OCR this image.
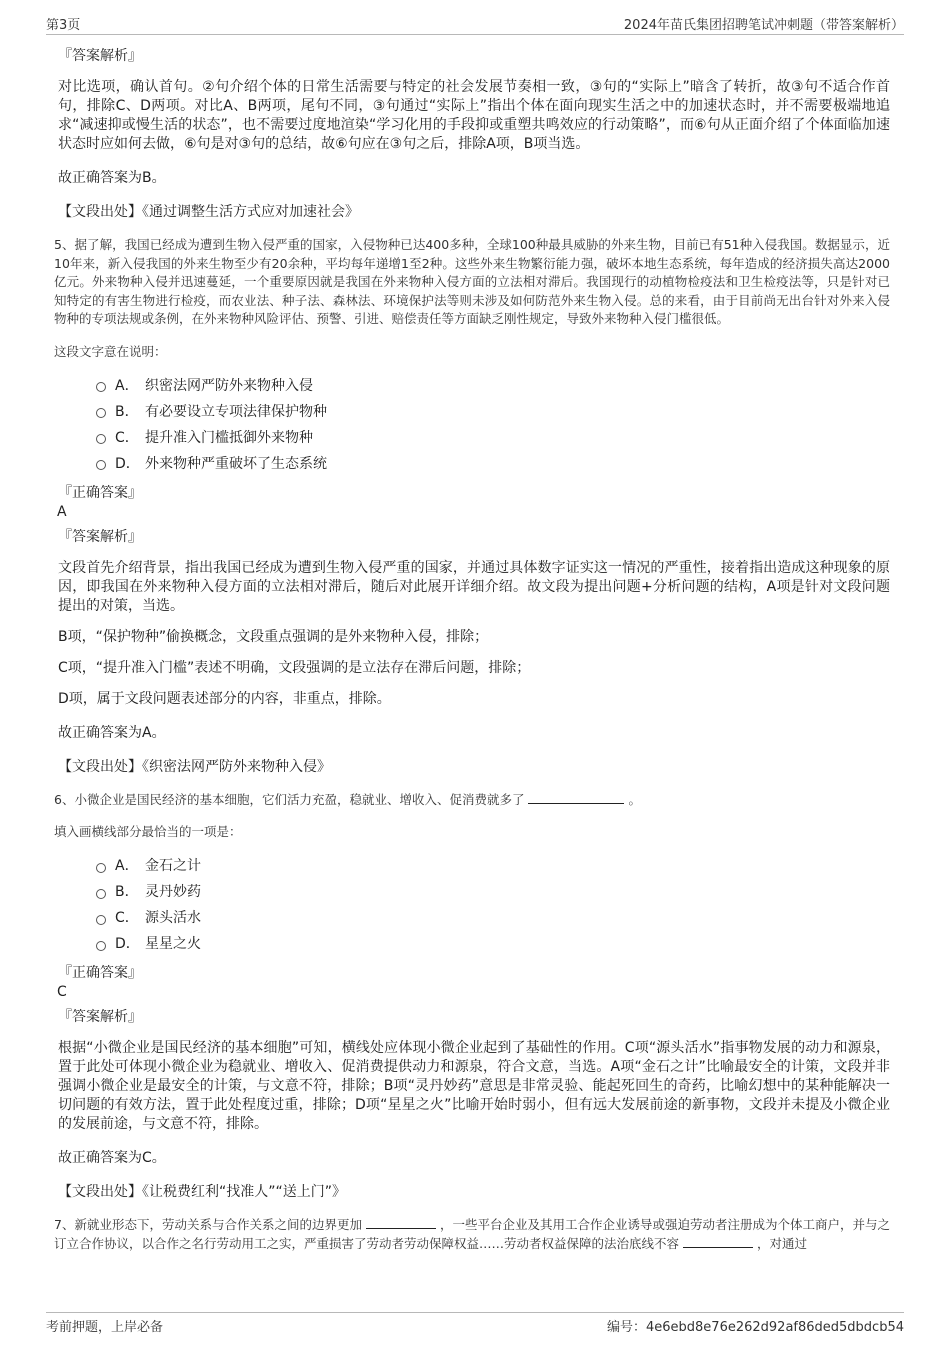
第3页	2024年苗氏集团招聘笔试冲刺题（带答案解析）
『答案解析』
对比选项，确认首句。②句介绍个体的日常生活需要与特定的社会发展节奏相一致，③句的“实际上”暗含了转折，故③句不适合作首句，排除C、D两项。对比A、B两项，尾句不同，③句通过“实际上”指出个体在面向现实生活之中的加速状态时，并不需要极端地追求“减速抑或慢生活的状态”，也不需要过度地渲染“学习化用的手段抑或重塑共鸣效应的行动策略”，而⑥句从正面介绍了个体面临加速状态时应如何去做，⑥句是对③句的总结，故⑥句应在③句之后，排除A项，B项当选。
故正确答案为B。
【文段出处】《通过调整生活方式应对加速社会》
5、据了解，我国已经成为遭到生物入侵严重的国家，入侵物种已达400多种，全球100种最具威胁的外来生物，目前已有51种入侵我国。数据显示，近10年来，新入侵我国的外来生物至少有20余种，平均每年递增1至2种。这些外来生物繁衍能力强，破坏本地生态系统，每年造成的经济损失高达2000亿元。外来物种入侵并迅速蔓延，一个重要原因就是我国在外来物种入侵方面的立法相对滞后。我国现行的动植物检疫法和卫生检疫法等，只是针对已知特定的有害生物进行检疫，而农业法、种子法、森林法、环境保护法等则未涉及如何防范外来生物入侵。总的来看，由于目前尚无出台针对外来入侵物种的专项法规或条例，在外来物种风险评估、预警、引进、赔偿责任等方面缺乏刚性规定，导致外来物种入侵门槛很低。
这段文字意在说明：
A． 织密法网严防外来物种入侵
B． 有必要设立专项法律保护物种
C． 提升准入门槛抵御外来物种
D． 外来物种严重破坏了生态系统
『正确答案』
A
『答案解析』
文段首先介绍背景，指出我国已经成为遭到生物入侵严重的国家，并通过具体数字证实这一情况的严重性，接着指出造成这种现象的原因，即我国在外来物种入侵方面的立法相对滞后，随后对此展开详细介绍。故文段为提出问题+分析问题的结构，A项是针对文段问题提出的对策，当选。
B项，“保护物种”偷换概念，文段重点强调的是外来物种入侵，排除；
C项，“提升准入门槛”表述不明确，文段强调的是立法存在滞后问题，排除；
D项，属于文段问题表述部分的内容，非重点，排除。
故正确答案为A。
【文段出处】《织密法网严防外来物种入侵》
6、小微企业是国民经济的基本细胞，它们活力充盈，稳就业、增收入、促消费就多了	。
填入画横线部分最恰当的一项是：
A． 金石之计
B． 灵丹妙药
C． 源头活水
D． 星星之火
『正确答案』
C
『答案解析』
根据“小微企业是国民经济的基本细胞”可知，横线处应体现小微企业起到了基础性的作用。C项“源头活水”指事物发展的动力和源泉，置于此处可体现小微企业为稳就业、增收入、促消费提供动力和源泉，符合文意，当选。A项“金石之计”比喻最安全的计策，文段并非强调小微企业是最安全的计策，与文意不符，排除；B项“灵丹妙药”意思是非常灵验、能起死回生的奇药，比喻幻想中的某种能解决一切问题的有效方法，置于此处程度过重，排除；D项“星星之火”比喻开始时弱小，但有远大发展前途的新事物，文段并未提及小微企业的发展前途，与文意不符，排除。
故正确答案为C。
【文段出处】《让税费红利“找准人”“送上门”》
7、新就业形态下，劳动关系与合作关系之间的边界更加	，一些平台企业及其用工合作企业诱导或强迫劳动者注册成为个体工商户，并与之订立合作协议，以合作之名行劳动用工之实，严重损害了劳动者劳动保障权益……劳动者权益保障的法治底线不容	，对通过
考前押题，上岸必备	编号：4e6ebd8e76e262d92af86ded5dbdcb54
